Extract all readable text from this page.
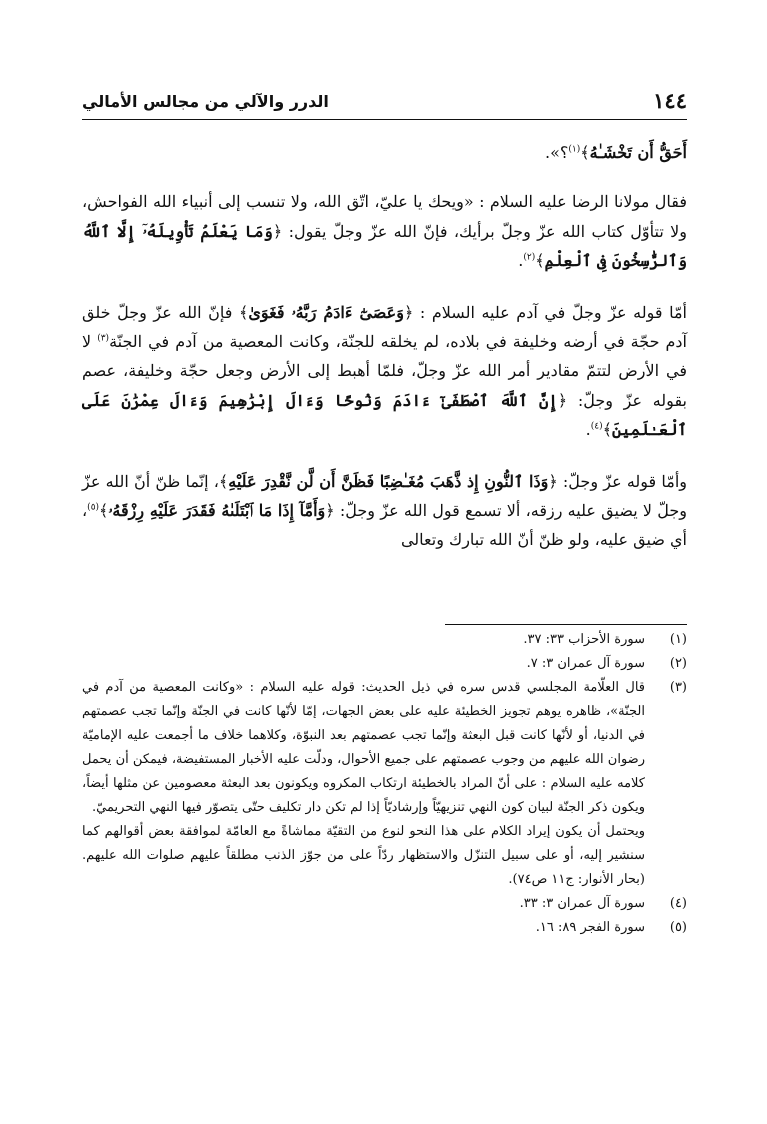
١٤٤
الدرر والآلي من مجالس الأمالي

أَحَقُّ أَن تَخْشَـٰهُ﴾$^{(١)}$؟».

فقال مولانا الرضا عليه السلام : «ويحك يا عليّ، اتّق الله، ولا تنسب إلى أنبياء الله الفواحش، ولا تتأوّل كتاب الله عزّ وجلّ برأيك، فإنّ الله عزّ وجلّ يقول: ﴿وَمَا يَعْلَمُ تَأْوِيلَهُۥٓ إِلَّا ٱللَّهُ وَٱلرَّٰسِخُونَ فِى ٱلْعِلْمِ﴾$^{(٢)}$.

أمّا قوله عزّ وجلّ في آدم عليه السلام : ﴿وَعَصَىٰٓ ءَادَمُ رَبَّهُۥ فَغَوَىٰ﴾ فإنّ الله عزّ وجلّ خلق آدم حجّة في أرضه وخليفة في بلاده، لم يخلقه للجنّة، وكانت المعصية من آدم في الجنّة$^{(٣)}$ لا في الأرض لتتمّ مقادير أمر الله عزّ وجلّ، فلمّا أهبط إلى الأرض وجعل حجّة وخليفة، عصم بقوله عزّ وجلّ: ﴿إِنَّ ٱللَّهَ ٱصْطَفَىٰٓ ءَادَمَ وَنُوحًا وَءَالَ إِبْرَٰهِيمَ وَءَالَ عِمْرَٰنَ عَلَى ٱلْعَـٰلَمِينَ﴾$^{(٤)}$.

وأمّا قوله عزّ وجلّ: ﴿وَذَا ٱلنُّونِ إِذ ذَّهَبَ مُغَـٰضِبًا فَظَنَّ أَن لَّن نَّقْدِرَ عَلَيْهِ﴾، إنّما ظنّ أنّ الله عزّ وجلّ لا يضيق عليه رزقه، ألا تسمع قول الله عزّ وجلّ: ﴿وَأَمَّآ إِذَا مَا ٱبْتَلَىٰهُ فَقَدَرَ عَلَيْهِ رِزْقَهُۥ﴾$^{(٥)}$، أي ضيق عليه، ولو ظنّ أنّ الله تبارك وتعالى

(١)
سورة الأحزاب ٣٣: ٣٧.
(٢)
سورة آل عمران ٣: ٧.
(٣)
قال العلّامة المجلسي قدس سره في ذيل الحديث: قوله عليه السلام : «وكانت المعصية من آدم في الجنّة»، ظاهره يوهم تجويز الخطيئة عليه على بعض الجهات، إمّا لأنّها كانت في الجنّة وإنّما تجب عصمتهم في الدنيا، أو لأنّها كانت قبل البعثة وإنّما تجب عصمتهم بعد النبوّة، وكلاهما خلاف ما أجمعت عليه الإماميّة رضوان الله عليهم من وجوب عصمتهم على جميع الأحوال، ودلّت عليه الأخبار المستفيضة، فيمكن أن يحمل كلامه عليه السلام : على أنّ المراد بالخطيئة ارتكاب المكروه ويكونون بعد البعثة معصومين عن مثلها أيضاً، ويكون ذكر الجنّة لبيان كون النهي تنزيهيّاً وإرشاديّاً إذا لم تكن دار تكليف حتّى يتصوّر فيها النهي التحريميّ.

ويحتمل أن يكون إيراد الكلام على هذا النحو لنوع من التقيّة مماشاةً مع العامّة لموافقة بعض أقوالهم كما سنشير إليه، أو على سبيل التنزّل والاستظهار ردّاً على من جوّز الذنب مطلقاً عليهم صلوات الله عليهم. (بحار الأنوار: ج١١ ص٧٤).

(٤)
سورة آل عمران ٣: ٣٣.
(٥)
سورة الفجر ٨٩: ١٦.
